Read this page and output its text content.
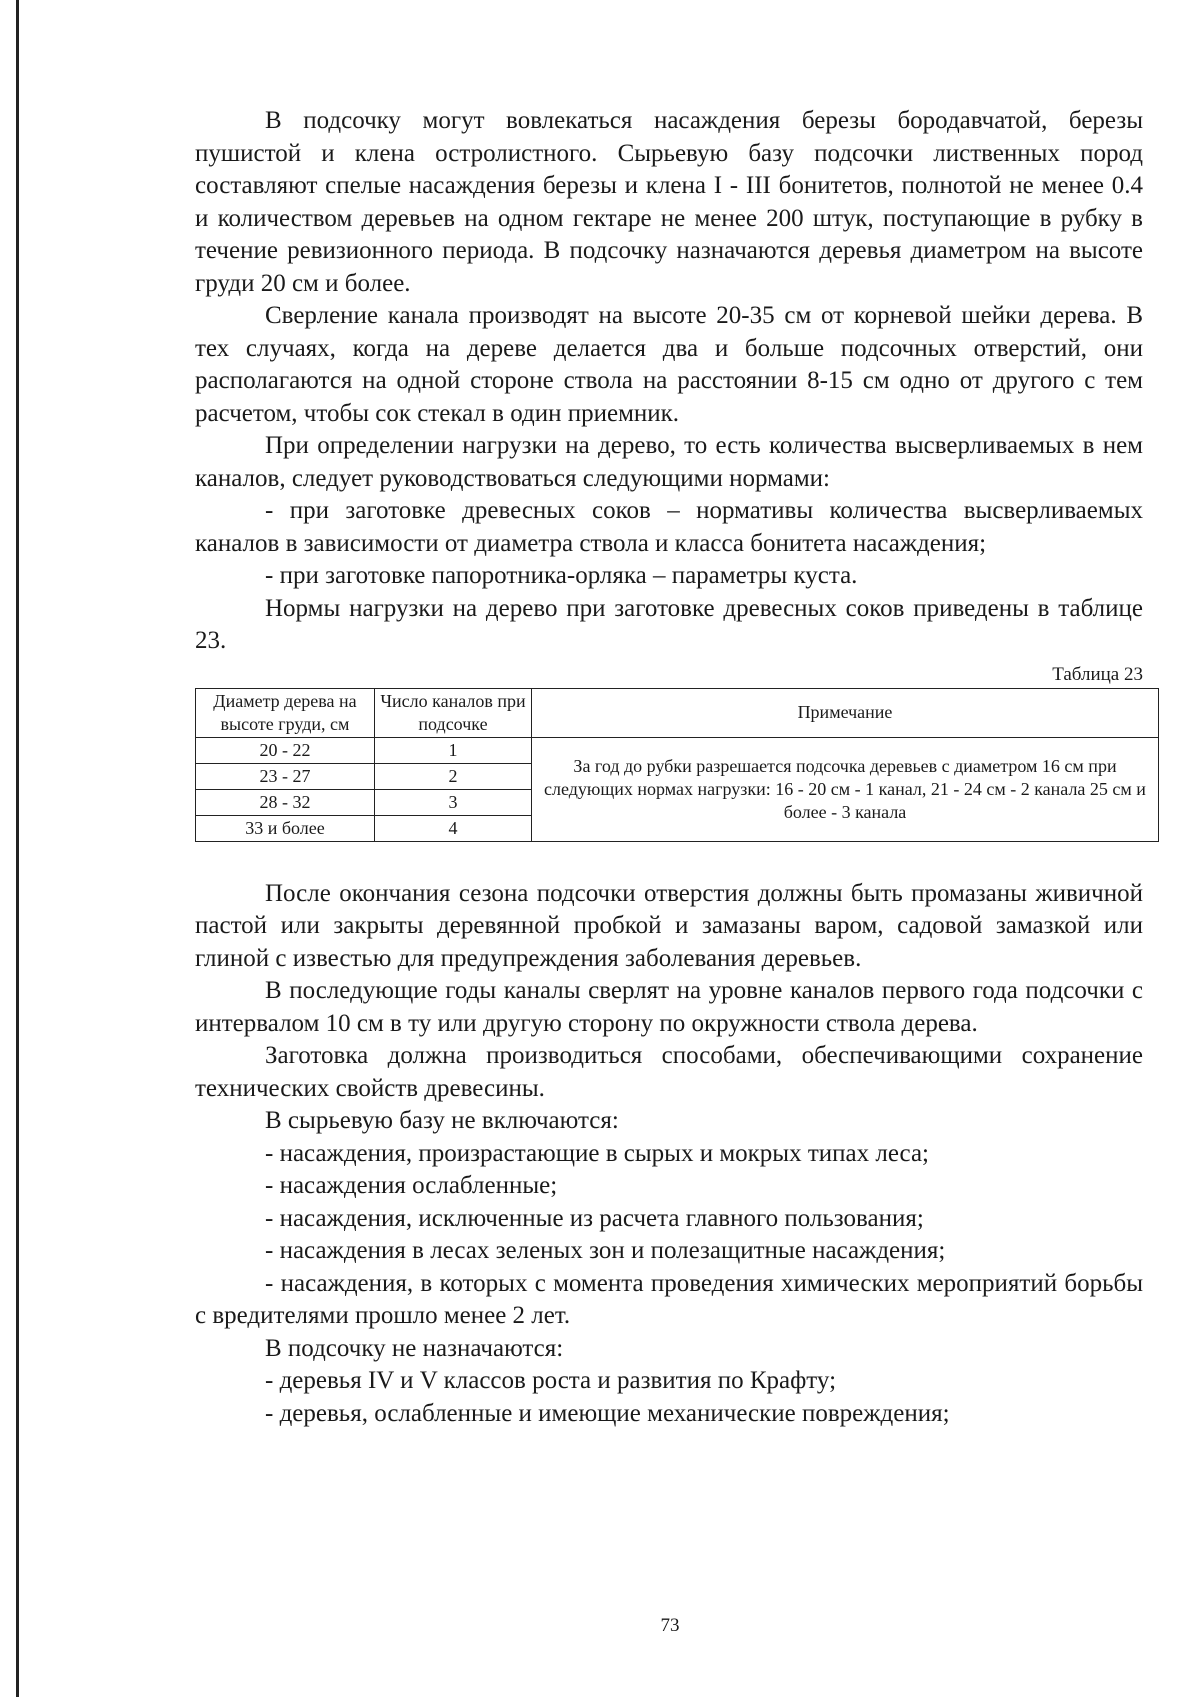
В подсочку могут вовлекаться насаждения березы бородавчатой, березы пушистой и клена остролистного. Сырьевую базу подсочки лиственных пород составляют спелые насаждения березы и клена I - III бонитетов, полнотой не менее 0.4 и количеством деревьев на одном гектаре не менее 200 штук, поступающие в рубку в течение ревизионного периода. В подсочку назначаются деревья диаметром на высоте груди 20 см и более.

Сверление канала производят на высоте 20-35 см от корневой шейки дерева. В тех случаях, когда на дереве делается два и больше подсочных отверстий, они располагаются на одной стороне ствола на расстоянии 8-15 см одно от другого с тем расчетом, чтобы сок стекал в один приемник.

При определении нагрузки на дерево, то есть количества высверливаемых в нем каналов, следует руководствоваться следующими нормами:

- при заготовке древесных соков – нормативы количества высверливаемых каналов в зависимости от диаметра ствола и класса бонитета насаждения;

- при заготовке папоротника-орляка – параметры куста.

Нормы нагрузки на дерево при заготовке древесных соков приведены в таблице 23.

Таблица 23
Диаметр дерева на высоте груди, см	Число каналов при подсочке	Примечание
20 - 22	1	За год до рубки разрешается подсочка деревьев с диаметром 16 см при следующих нормах нагрузки: 16 - 20 см - 1 канал, 21 - 24 см - 2 канала 25 см и более - 3 канала
23 - 27	2	
28 - 32	3	
33 и более	4	

После окончания сезона подсочки отверстия должны быть промазаны живичной пастой или закрыты деревянной пробкой и замазаны варом, садовой замазкой или глиной с известью для предупреждения заболевания деревьев.

В последующие годы каналы сверлят на уровне каналов первого года подсочки с интервалом 10 см в ту или другую сторону по окружности ствола дерева.

Заготовка должна производиться способами, обеспечивающими сохранение технических свойств древесины.

В сырьевую базу не включаются:

- насаждения, произрастающие в сырых и мокрых типах леса;

- насаждения ослабленные;

- насаждения, исключенные из расчета главного пользования;

- насаждения в лесах зеленых зон и полезащитные насаждения;

- насаждения, в которых с момента проведения химических мероприятий борьбы с вредителями прошло менее 2 лет.

В подсочку не назначаются:

- деревья IV и V классов роста и развития по Крафту;

- деревья, ослабленные и имеющие механические повреждения;

73
